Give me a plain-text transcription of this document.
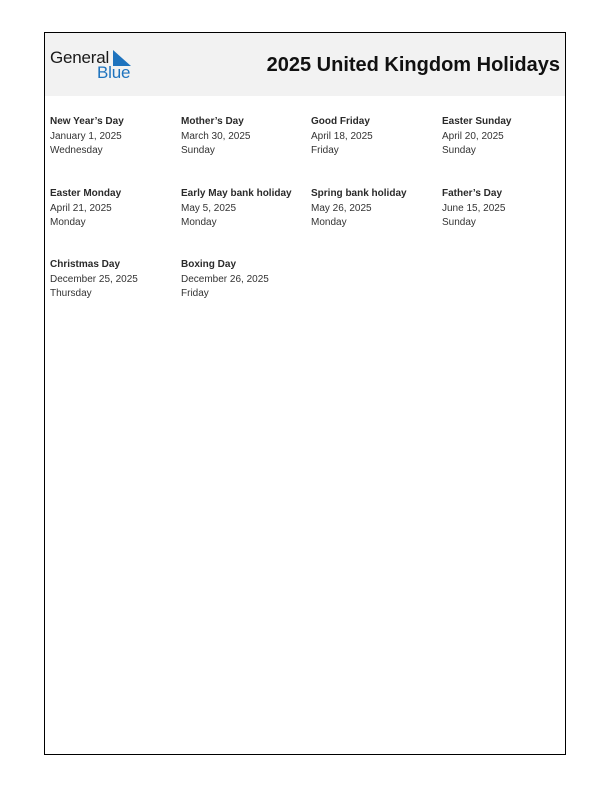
General
Blue	2025 United Kingdom Holidays
New Year’s Day
January 1, 2025
Wednesday
Mother’s Day
March 30, 2025
Sunday
Good Friday
April 18, 2025
Friday
Easter Sunday
April 20, 2025
Sunday
Easter Monday
April 21, 2025
Monday
Early May bank holiday
May 5, 2025
Monday
Spring bank holiday
May 26, 2025
Monday
Father’s Day
June 15, 2025
Sunday
Christmas Day
December 25, 2025
Thursday
Boxing Day
December 26, 2025
Friday
